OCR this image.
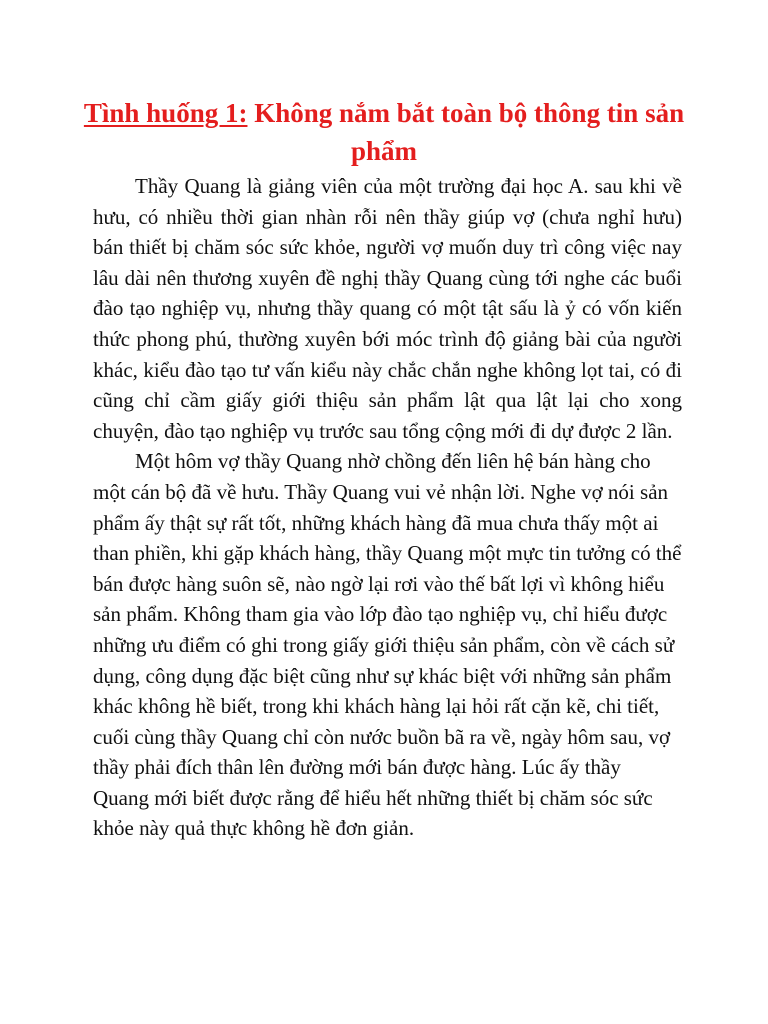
Tình huống 1: Không nắm bắt toàn bộ thông tin sản phẩm

Thầy Quang là giảng viên của một trường đại học A. sau khi về hưu, có nhiều thời gian nhàn rỗi nên thầy giúp vợ (chưa nghỉ hưu) bán thiết bị chăm sóc sức khỏe, người vợ muốn duy trì công việc nay lâu dài nên thương xuyên đề nghị thầy Quang cùng tới nghe các buổi đào tạo nghiệp vụ, nhưng thầy quang có một tật sấu là ỷ có vốn kiến thức phong phú, thường xuyên bới móc trình độ giảng bài của người khác, kiểu đào tạo tư vấn kiểu này chắc chắn nghe không lọt tai, có đi cũng chỉ cầm giấy giới thiệu sản phẩm lật qua lật lại cho xong chuyện, đào tạo nghiệp vụ trước sau tổng cộng mới đi dự được 2 lần.

Một hôm vợ thầy Quang nhờ chồng đến liên hệ bán hàng cho một cán bộ đã về hưu. Thầy Quang vui vẻ nhận lời. Nghe vợ nói sản phẩm ấy thật sự rất tốt, những khách hàng đã mua chưa thấy một ai than phiền, khi gặp khách hàng, thầy Quang một mực tin tưởng có thể bán được hàng suôn sẽ, nào ngờ lại rơi vào thế bất lợi vì không hiểu sản phẩm. Không tham gia vào lớp đào tạo nghiệp vụ, chỉ hiểu được những ưu điểm có ghi trong giấy giới thiệu sản phẩm, còn về cách sử dụng, công dụng đặc biệt cũng như sự khác biệt với những sản phẩm khác không hề biết, trong khi khách hàng lại hỏi rất cặn kẽ, chi tiết, cuối cùng thầy Quang chỉ còn nước buồn bã ra về, ngày hôm sau, vợ thầy phải đích thân lên đường mới bán được hàng. Lúc ấy thầy Quang mới biết được rằng để hiểu hết những thiết bị chăm sóc sức khỏe này quả thực không hề đơn giản.
